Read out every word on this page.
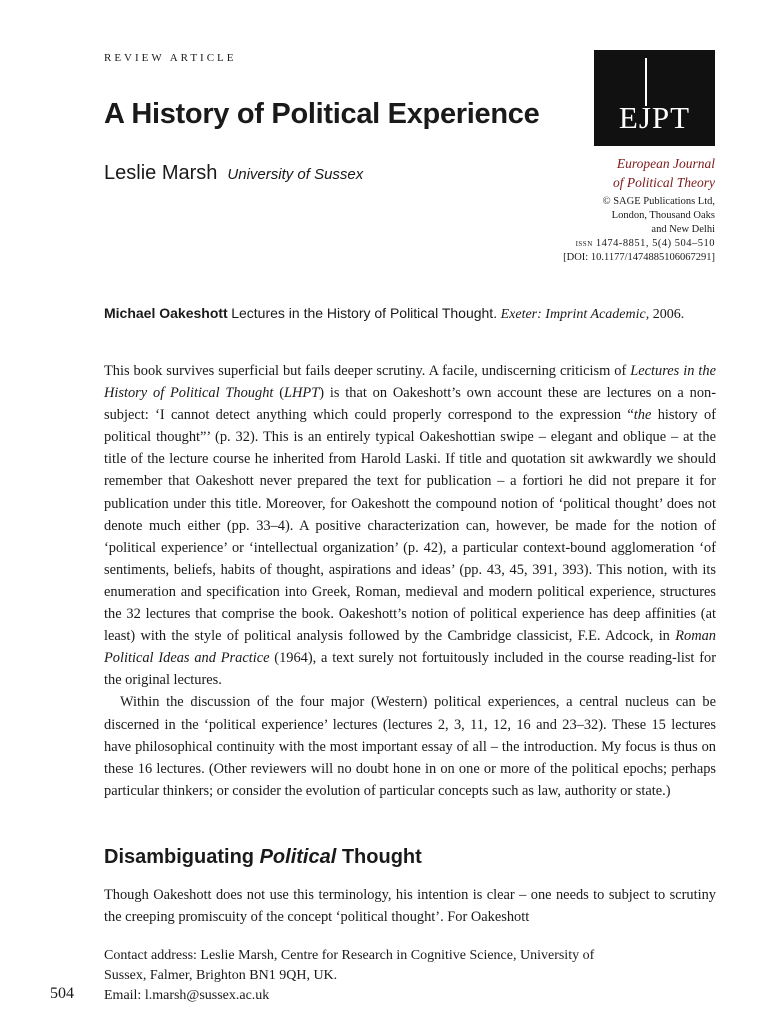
REVIEW ARTICLE
A History of Political Experience
Leslie Marsh University of Sussex
EJPT
European Journal
of Political Theory
© SAGE Publications Ltd,
London, Thousand Oaks
and New Delhi
issn 1474-8851, 5(4) 504–510
[DOI: 10.1177/1474885106067291]
Michael Oakeshott Lectures in the History of Political Thought. Exeter: Imprint Academic, 2006.

This book survives superficial but fails deeper scrutiny. A facile, undiscerning criticism of Lectures in the History of Political Thought (LHPT) is that on Oakeshott’s own account these are lectures on a non-subject: ‘I cannot detect anything which could properly correspond to the expression “the history of political thought”’ (p. 32). This is an entirely typical Oakeshottian swipe – elegant and oblique – at the title of the lecture course he inherited from Harold Laski. If title and quotation sit awkwardly we should remember that Oakeshott never prepared the text for publication – a fortiori he did not prepare it for publication under this title. Moreover, for Oakeshott the compound notion of ‘political thought’ does not denote much either (pp. 33–4). A positive characterization can, however, be made for the notion of ‘political experience’ or ‘intellectual organization’ (p. 42), a particular context-bound agglomeration ‘of sentiments, beliefs, habits of thought, aspirations and ideas’ (pp. 43, 45, 391, 393). This notion, with its enumeration and specification into Greek, Roman, medieval and modern political experience, structures the 32 lectures that comprise the book. Oakeshott’s notion of political experience has deep affinities (at least) with the style of political analysis followed by the Cambridge classicist, F.E. Adcock, in Roman Political Ideas and Practice (1964), a text surely not fortuitously included in the course reading-list for the original lectures.

Within the discussion of the four major (Western) political experiences, a central nucleus can be discerned in the ‘political experience’ lectures (lectures 2, 3, 11, 12, 16 and 23–32). These 15 lectures have philosophical continuity with the most important essay of all – the introduction. My focus is thus on these 16 lectures. (Other reviewers will no doubt hone in on one or more of the political epochs; perhaps particular thinkers; or consider the evolution of particular concepts such as law, authority or state.)

Disambiguating Political Thought

Though Oakeshott does not use this terminology, his intention is clear – one needs to subject to scrutiny the creeping promiscuity of the concept ‘political thought’. For Oakeshott

Contact address: Leslie Marsh, Centre for Research in Cognitive Science, University of
Sussex, Falmer, Brighton BN1 9QH, UK.
Email: l.marsh@sussex.ac.uk
504
